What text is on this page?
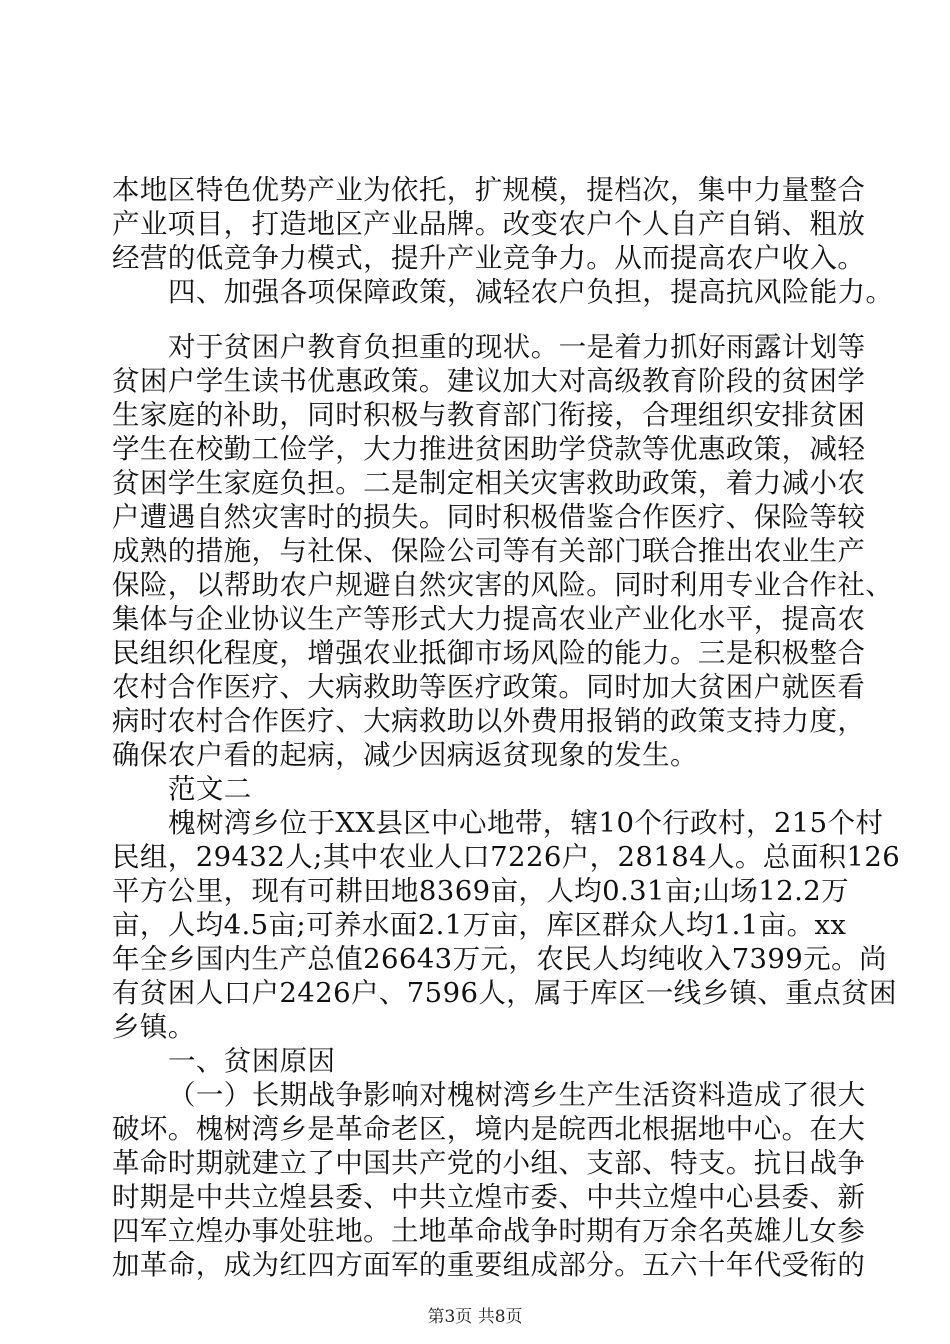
本地区特色优势产业为依托，扩规模，提档次，集中力量整合
产业项目，打造地区产业品牌。改变农户个人自产自销、粗放
经营的低竞争力模式，提升产业竞争力。从而提高农户收入。
四、加强各项保障政策，减轻农户负担，提高抗风险能力。
对于贫困户教育负担重的现状。一是着力抓好雨露计划等
贫困户学生读书优惠政策。建议加大对高级教育阶段的贫困学
生家庭的补助，同时积极与教育部门衔接，合理组织安排贫困
学生在校勤工俭学，大力推进贫困助学贷款等优惠政策，减轻
贫困学生家庭负担。二是制定相关灾害救助政策，着力减小农
户遭遇自然灾害时的损失。同时积极借鉴合作医疗、保险等较
成熟的措施，与社保、保险公司等有关部门联合推出农业生产
保险，以帮助农户规避自然灾害的风险。同时利用专业合作社、
集体与企业协议生产等形式大力提高农业产业化水平，提高农
民组织化程度，增强农业抵御市场风险的能力。三是积极整合
农村合作医疗、大病救助等医疗政策。同时加大贫困户就医看
病时农村合作医疗、大病救助以外费用报销的政策支持力度，
确保农户看的起病，减少因病返贫现象的发生。
范文二
槐树湾乡位于XX县区中心地带，辖10个行政村，215个村
民组，29432人;其中农业人口7226户，28184人。总面积126
平方公里，现有可耕田地8369亩，人均0.31亩;山场12.2万
亩，人均4.5亩;可养水面2.1万亩，库区群众人均1.1亩。xx
年全乡国内生产总值26643万元，农民人均纯收入7399元。尚
有贫困人口户2426户、7596人，属于库区一线乡镇、重点贫困
乡镇。
一、贫困原因
（一）长期战争影响对槐树湾乡生产生活资料造成了很大
破坏。槐树湾乡是革命老区，境内是皖西北根据地中心。在大
革命时期就建立了中国共产党的小组、支部、特支。抗日战争
时期是中共立煌县委、中共立煌市委、中共立煌中心县委、新
四军立煌办事处驻地。土地革命战争时期有万余名英雄儿女参
加革命，成为红四方面军的重要组成部分。五六十年代受衔的
第3页 共8页
